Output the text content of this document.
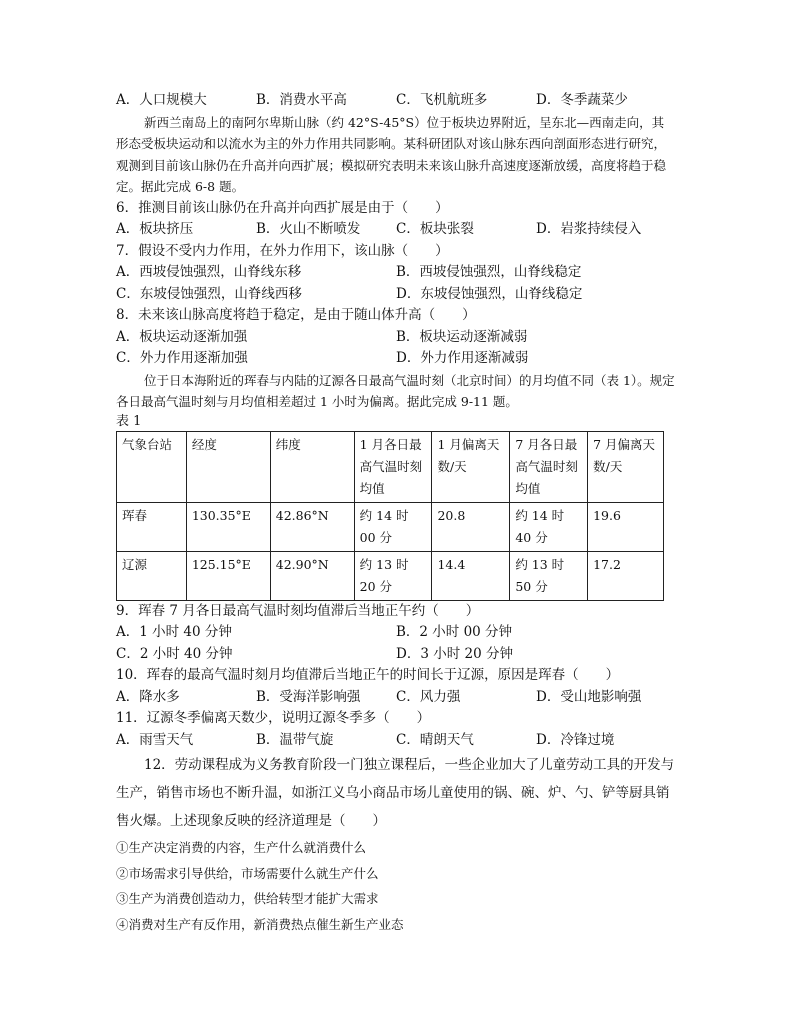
A．人口规模大	B．消费水平高	C．飞机航班多	D．冬季蔬菜少
新西兰南岛上的南阿尔卑斯山脉（约 42°S-45°S）位于板块边界附近，呈东北—西南走向，其形态受板块运动和以流水为主的外力作用共同影响。某科研团队对该山脉东西向剖面形态进行研究，观测到目前该山脉仍在升高并向西扩展；模拟研究表明未来该山脉升高速度逐渐放缓，高度将趋于稳定。据此完成 6-8 题。
6．推测目前该山脉仍在升高并向西扩展是由于（　　）
A．板块挤压	B．火山不断喷发	C．板块张裂	D．岩浆持续侵入
7．假设不受内力作用，在外力作用下，该山脉（　　）
A．西坡侵蚀强烈，山脊线东移	B．西坡侵蚀强烈，山脊线稳定
C．东坡侵蚀强烈，山脊线西移	D．东坡侵蚀强烈，山脊线稳定
8．未来该山脉高度将趋于稳定，是由于随山体升高（　　）
A．板块运动逐渐加强	B．板块运动逐渐减弱
C．外力作用逐渐加强	D．外力作用逐渐减弱
位于日本海附近的珲春与内陆的辽源各日最高气温时刻（北京时间）的月均值不同（表 1）。规定各日最高气温时刻与月均值相差超过 1 小时为偏离。据此完成 9-11 题。
表 1
气象台站	经度	纬度	1 月各日最高气温时刻均值	1 月偏离天数/天	7 月各日最高气温时刻均值	7 月偏离天数/天
珲春	130.35°E	42.86°N	约 14 时 00 分	20.8	约 14 时 40 分	19.6
辽源	125.15°E	42.90°N	约 13 时 20 分	14.4	约 13 时 50 分	17.2
9．珲春 7 月各日最高气温时刻均值滞后当地正午约（　　）
A．1 小时 40 分钟	B．2 小时 00 分钟
C．2 小时 40 分钟	D．3 小时 20 分钟
10．珲春的最高气温时刻月均值滞后当地正午的时间长于辽源，原因是珲春（　　）
A．降水多	B．受海洋影响强	C．风力强	D．受山地影响强
11．辽源冬季偏离天数少，说明辽源冬季多（　　）
A．雨雪天气	B．温带气旋	C．晴朗天气	D．冷锋过境
12．劳动课程成为义务教育阶段一门独立课程后，一些企业加大了儿童劳动工具的开发与生产，销售市场也不断升温，如浙江义乌小商品市场儿童使用的锅、碗、炉、勺、铲等厨具销售火爆。上述现象反映的经济道理是（　　）
①生产决定消费的内容，生产什么就消费什么
②市场需求引导供给，市场需要什么就生产什么
③生产为消费创造动力，供给转型才能扩大需求
④消费对生产有反作用，新消费热点催生新生产业态
